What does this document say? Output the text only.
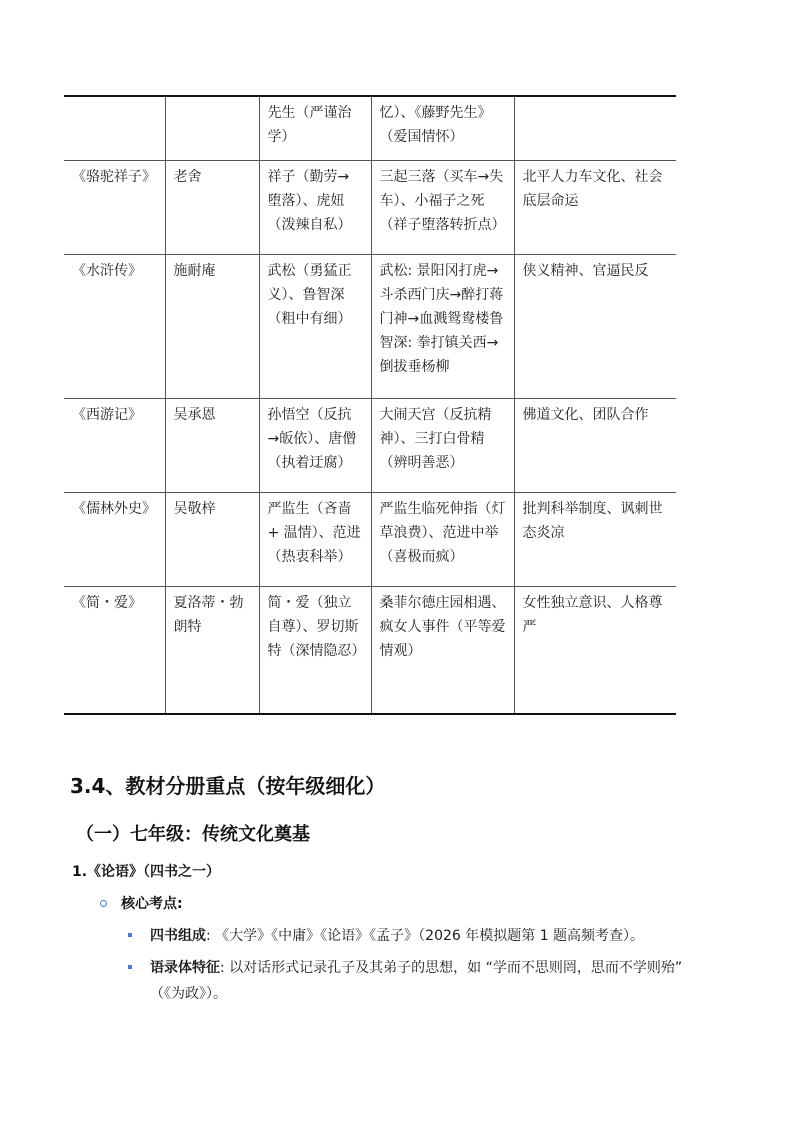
		先生（严谨治学）	忆）、《藤野先生》（爱国情怀）	
《骆驼祥子》	老舍	祥子（勤劳→堕落）、虎妞（泼辣自私）	三起三落（买车→失车）、小福子之死（祥子堕落转折点）	北平人力车文化、社会底层命运
《水浒传》	施耐庵	武松（勇猛正义）、鲁智深（粗中有细）	武松: 景阳冈打虎→斗杀西门庆→醉打蒋门神→血溅鸳鸯楼鲁智深: 拳打镇关西→倒拔垂杨柳	侠义精神、官逼民反
《西游记》	吴承恩	孙悟空（反抗→皈依）、唐僧（执着迂腐）	大闹天宫（反抗精神）、三打白骨精（辨明善恶）	佛道文化、团队合作
《儒林外史》	吴敬梓	严监生（吝啬 + 温情）、范进（热衷科举）	严监生临死伸指（灯草浪费）、范进中举（喜极而疯）	批判科举制度、讽刺世态炎凉
《简・爱》	夏洛蒂・勃朗特	简・爱（独立自尊）、罗切斯特（深情隐忍）	桑菲尔德庄园相遇、疯女人事件（平等爱情观）	女性独立意识、人格尊严
3.4、教材分册重点（按年级细化）
（一）七年级：传统文化奠基
1.《论语》（四书之一）
核心考点:
四书组成: 《大学》《中庸》《论语》《孟子》（2026 年模拟题第 1 题高频考查）。
语录体特征: 以对话形式记录孔子及其弟子的思想，如 “学而不思则罔，思而不学则殆”
（《为政》）。
